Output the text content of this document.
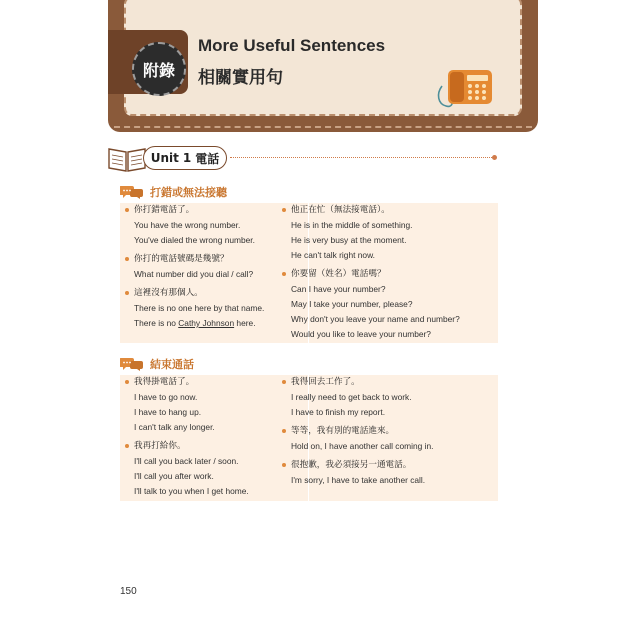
附錄
More Useful Sentences
相關實用句
Unit 1 電話
打錯或無法接聽
你打錯電話了。
You have the wrong number.
You've dialed the wrong number.
你打的電話號碼是幾號？
What number did you dial / call?
這裡沒有那個人。
There is no one here by that name.
There is no Cathy Johnson here.
他正在忙（無法接電話）。
He is in the middle of something.
He is very busy at the moment.
He can't talk right now.
你要留（姓名）電話嗎？
Can I have your number?
May I take your number, please?
Why don't you leave your name and number?
Would you like to leave your number?
結束通話
我得掛電話了。
I have to go now.
I have to hang up.
I can't talk any longer.
我再打給你。
I'll call you back later / soon.
I'll call you after work.
I'll talk to you when I get home.
我得回去工作了。
I really need to get back to work.
I have to finish my report.
等等，我有別的電話進來。
Hold on, I have another call coming in.
很抱歉，我必須接另一通電話。
I'm sorry, I have to take another call.
150
